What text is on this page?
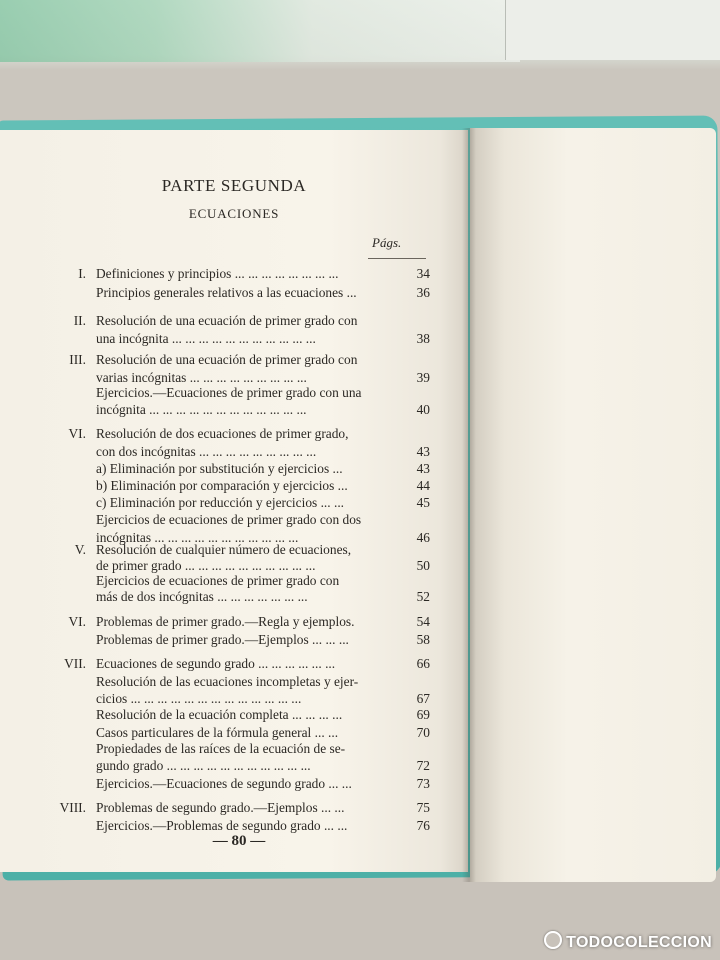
PARTE SEGUNDA
ECUACIONES
Págs.
I. Definiciones y principios ... ... ... ... ... ... ... ...	34
Principios generales relativos a las ecuaciones ...	36
II. Resolución de una ecuación de primer grado con
una incógnita ... ... ... ... ... ... ... ... ... ... ...	38
III. Resolución de una ecuación de primer grado con
varias incógnitas ... ... ... ... ... ... ... ... ...	39
Ejercicios.—Ecuaciones de primer grado con una
incógnita ... ... ... ... ... ... ... ... ... ... ... ...	40
VI. Resolución de dos ecuaciones de primer grado,
con dos incógnitas ... ... ... ... ... ... ... ... ...	43
a) Eliminación por substitución y ejercicios ...	43
b) Eliminación por comparación y ejercicios ...	44
c) Eliminación por reducción y ejercicios ... ...	45
Ejercicios de ecuaciones de primer grado con dos
incógnitas ... ... ... ... ... ... ... ... ... ... ...	46
V. Resolución de cualquier número de ecuaciones,
de primer grado ... ... ... ... ... ... ... ... ... ...	50
Ejercicios de ecuaciones de primer grado con
más de dos incógnitas ... ... ... ... ... ... ...	52
VI. Problemas de primer grado.—Regla y ejemplos.	54
Problemas de primer grado.—Ejemplos ... ... ...	58
VII. Ecuaciones de segundo grado ... ... ... ... ... ...	66
Resolución de las ecuaciones incompletas y ejer-
cicios ... ... ... ... ... ... ... ... ... ... ... ... ...	67
Resolución de la ecuación completa ... ... ... ...	69
Casos particulares de la fórmula general ... ...	70
Propiedades de las raíces de la ecuación de se-
gundo grado ... ... ... ... ... ... ... ... ... ... ...	72
Ejercicios.—Ecuaciones de segundo grado ... ...	73
VIII. Problemas de segundo grado.—Ejemplos ... ...	75
Ejercicios.—Problemas de segundo grado ... ...	76
— 80 —
TODOCOLECCION
